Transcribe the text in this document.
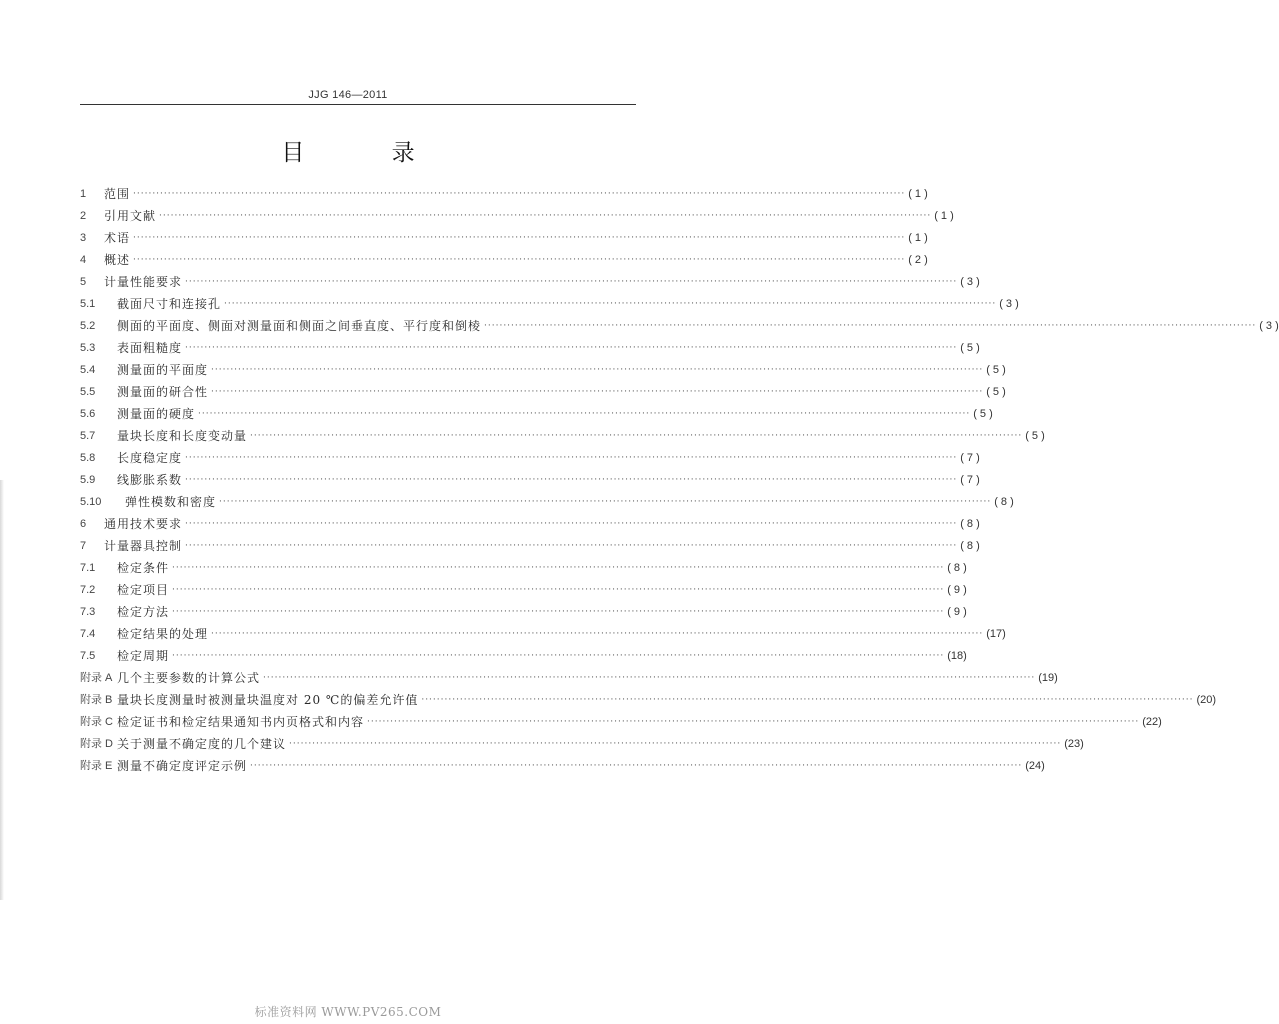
JJG 146—2011
目 录
1	范围 ········································································································································································································ ( 1 )
2	引用文献 ········································································································································································································ ( 1 )
3	术语 ········································································································································································································ ( 1 )
4	概述 ········································································································································································································ ( 2 )
5	计量性能要求 ········································································································································································································ ( 3 )
5.1	截面尺寸和连接孔 ········································································································································································································ ( 3 )
5.2	侧面的平面度、侧面对测量面和侧面之间垂直度、平行度和倒棱 ········································································································································································································ ( 3 )
5.3	表面粗糙度 ········································································································································································································ ( 5 )
5.4	测量面的平面度 ········································································································································································································ ( 5 )
5.5	测量面的研合性 ········································································································································································································ ( 5 )
5.6	测量面的硬度 ········································································································································································································ ( 5 )
5.7	量块长度和长度变动量 ········································································································································································································ ( 5 )
5.8	长度稳定度 ········································································································································································································ ( 7 )
5.9	线膨胀系数 ········································································································································································································ ( 7 )
5.10	弹性模数和密度 ········································································································································································································ ( 8 )
6	通用技术要求 ········································································································································································································ ( 8 )
7	计量器具控制 ········································································································································································································ ( 8 )
7.1	检定条件 ········································································································································································································ ( 8 )
7.2	检定项目 ········································································································································································································ ( 9 )
7.3	检定方法 ········································································································································································································ ( 9 )
7.4	检定结果的处理 ········································································································································································································ (17)
7.5	检定周期 ········································································································································································································ (18)
附录 A 几个主要参数的计算公式 ········································································································································································································ (19)
附录 B 量块长度测量时被测量块温度对 20 ℃的偏差允许值 ········································································································································································································ (20)
附录 C 检定证书和检定结果通知书内页格式和内容 ········································································································································································································ (22)
附录 D 关于测量不确定度的几个建议 ········································································································································································································ (23)
附录 E 测量不确定度评定示例 ········································································································································································································ (24)
标准资料网 WWW.PV265.COM
